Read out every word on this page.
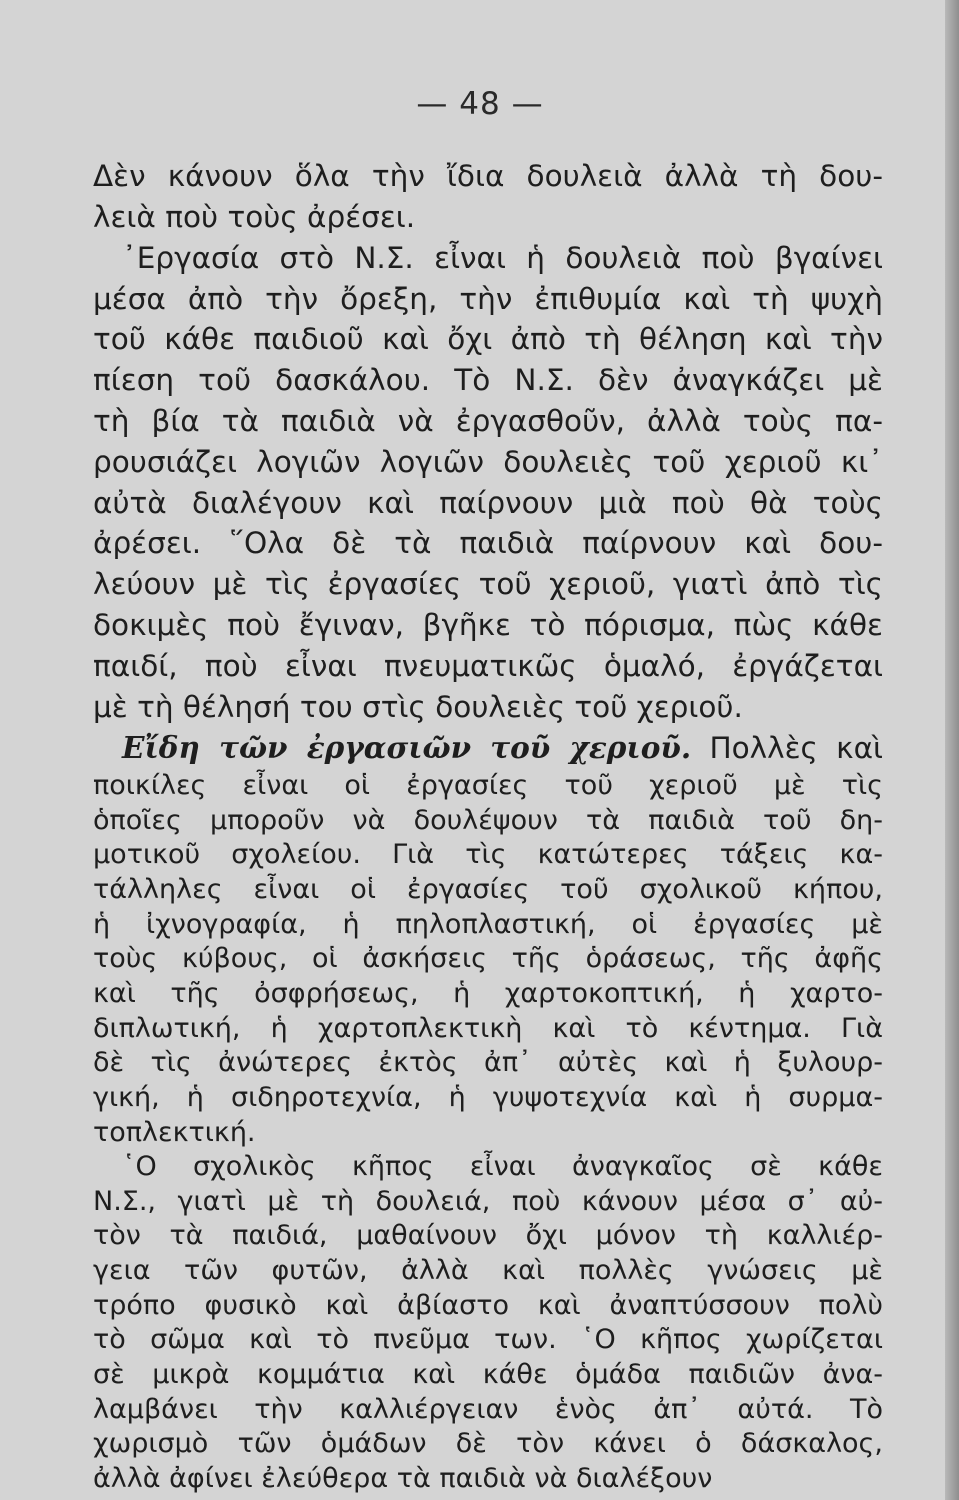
— 48 —
Δὲν κάνουν ὅλα τὴν ἴδια δουλειὰ ἀλλὰ τὴ δου-
λειὰ ποὺ τοὺς ἀρέσει.
᾽Εργασία στὸ Ν.Σ. εἶναι ἡ δουλειὰ ποὺ βγαίνει
μέσα ἀπὸ τὴν ὄρεξη, τὴν ἐπιθυμία καὶ τὴ ψυχὴ
τοῦ κάθε παιδιοῦ καὶ ὄχι ἀπὸ τὴ θέληση καὶ τὴν
πίεση τοῦ δασκάλου. Τὸ Ν.Σ. δὲν ἀναγκάζει μὲ
τὴ βία τὰ παιδιὰ νὰ ἐργασθοῦν, ἀλλὰ τοὺς πα-
ρουσιάζει λογιῶν λογιῶν δουλειὲς τοῦ χεριοῦ κι᾽
αὐτὰ διαλέγουν καὶ παίρνουν μιὰ ποὺ θὰ τοὺς
ἀρέσει. ῞Ολα δὲ τὰ παιδιὰ παίρνουν καὶ δου-
λεύουν μὲ τὶς ἐργασίες τοῦ χεριοῦ, γιατὶ ἀπὸ τὶς
δοκιμὲς ποὺ ἔγιναν, βγῆκε τὸ πόρισμα, πὼς κάθε
παιδί, ποὺ εἶναι πνευματικῶς ὁμαλό, ἐργάζεται
μὲ τὴ θέλησή του στὶς δουλειὲς τοῦ χεριοῦ.
Εἴδη τῶν ἐργασιῶν τοῦ χεριοῦ. Πολλὲς καὶ
ποικίλες εἶναι οἱ ἐργασίες τοῦ χεριοῦ μὲ τὶς
ὁποῖες μποροῦν νὰ δουλέψουν τὰ παιδιὰ τοῦ δη-
μοτικοῦ σχολείου. Γιὰ τὶς κατώτερες τάξεις κα-
τάλληλες εἶναι οἱ ἐργασίες τοῦ σχολικοῦ κήπου,
ἡ ἰχνογραφία, ἡ πηλοπλαστική, οἱ ἐργασίες μὲ
τοὺς κύβους, οἱ ἀσκήσεις τῆς ὁράσεως, τῆς ἀφῆς
καὶ τῆς ὀσφρήσεως, ἡ χαρτοκοπτική, ἡ χαρτο-
διπλωτική, ἡ χαρτοπλεκτικὴ καὶ τὸ κέντημα. Γιὰ
δὲ τὶς ἀνώτερες ἐκτὸς ἀπ᾽ αὐτὲς καὶ ἡ ξυλουρ-
γική, ἡ σιδηροτεχνία, ἡ γυψοτεχνία καὶ ἡ συρμα-
τοπλεκτική.
῾Ο σχολικὸς κῆπος εἶναι ἀναγκαῖος σὲ κάθε
Ν.Σ., γιατὶ μὲ τὴ δουλειά, ποὺ κάνουν μέσα σ᾽ αὐ-
τὸν τὰ παιδιά, μαθαίνουν ὄχι μόνον τὴ καλλιέρ-
γεια τῶν φυτῶν, ἀλλὰ καὶ πολλὲς γνώσεις μὲ
τρόπο φυσικὸ καὶ ἀβίαστο καὶ ἀναπτύσσουν πολὺ
τὸ σῶμα καὶ τὸ πνεῦμα των. ῾Ο κῆπος χωρίζεται
σὲ μικρὰ κομμάτια καὶ κάθε ὁμάδα παιδιῶν ἀνα-
λαμβάνει τὴν καλλιέργειαν ἑνὸς ἀπ᾽ αὐτά. Τὸ
χωρισμὸ τῶν ὁμάδων δὲ τὸν κάνει ὁ δάσκαλος,
ἀλλὰ ἀφίνει ἐλεύθερα τὰ παιδιὰ νὰ διαλέξουν
